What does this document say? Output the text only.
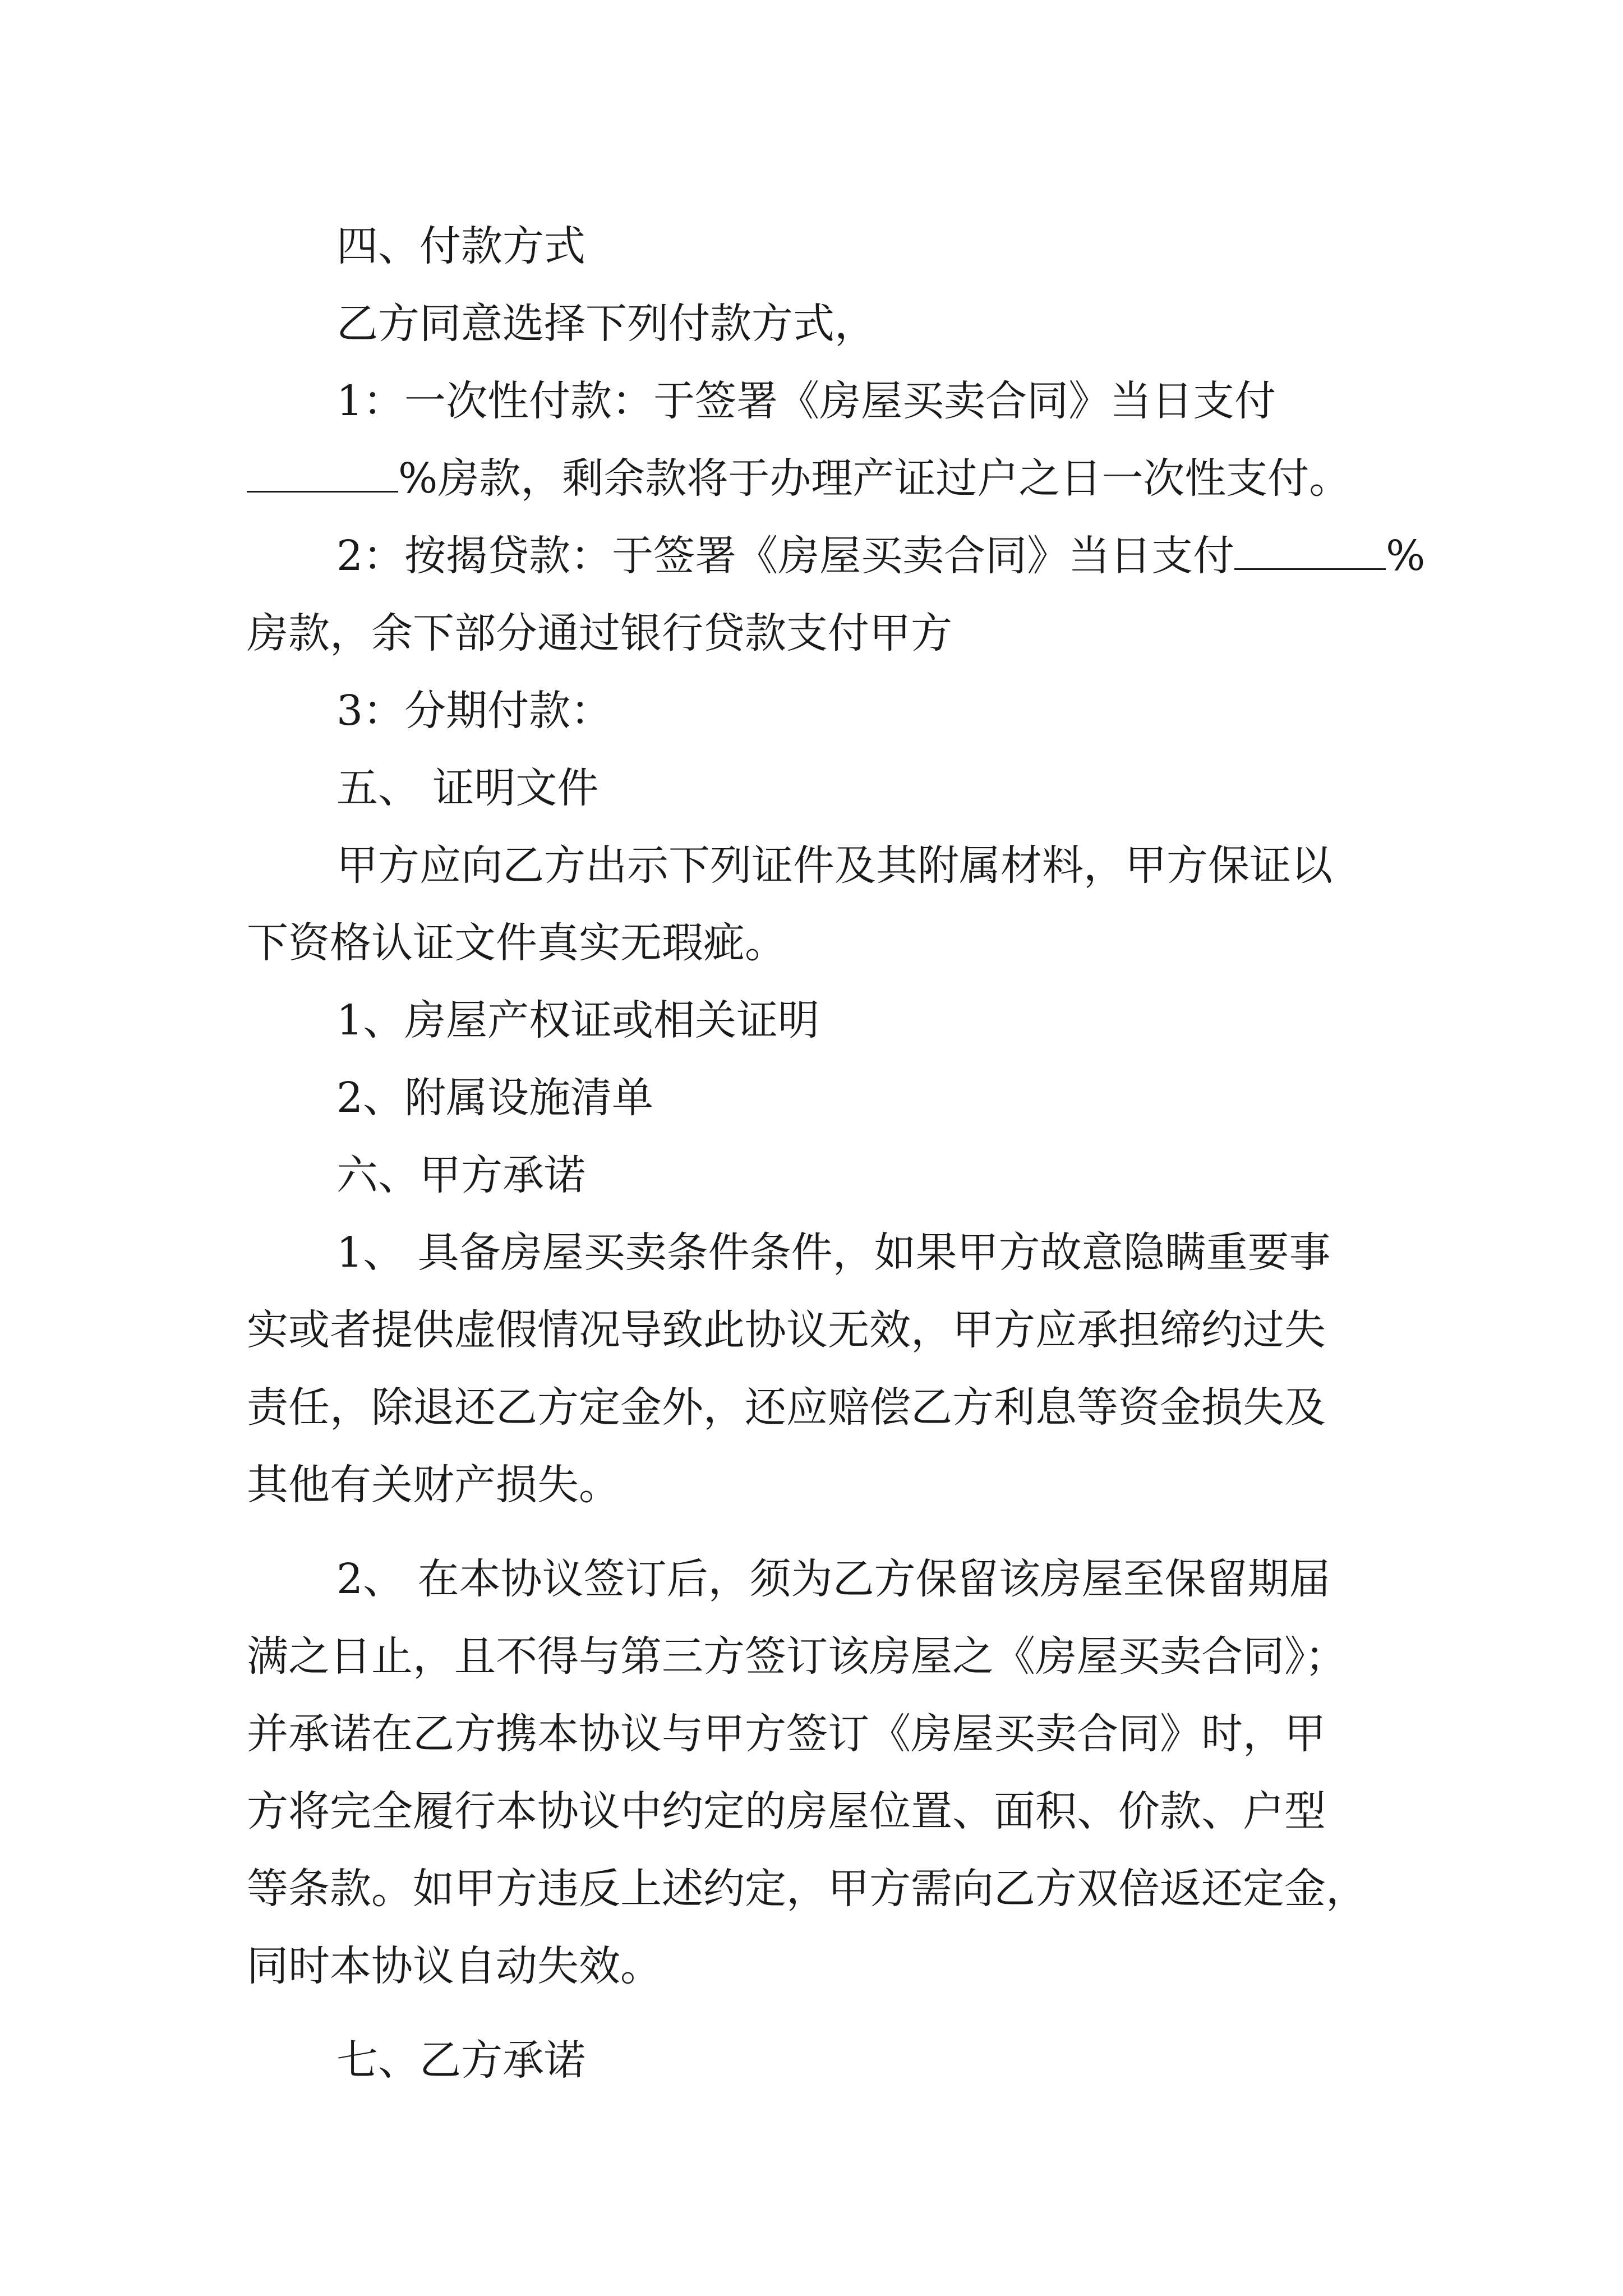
四、付款方式
乙方同意选择下列付款方式，
1：一次性付款：于签署《房屋买卖合同》当日支付
%房款，剩余款将于办理产证过户之日一次性支付。
2：按揭贷款：于签署《房屋买卖合同》当日支付	%
房款，余下部分通过银行贷款支付甲方
3：分期付款：
五、 证明文件
甲方应向乙方出示下列证件及其附属材料，甲方保证以
下资格认证文件真实无瑕疵。
1、房屋产权证或相关证明
2、附属设施清单
六、甲方承诺
1、 具备房屋买卖条件条件，如果甲方故意隐瞒重要事
实或者提供虚假情况导致此协议无效，甲方应承担缔约过失
责任，除退还乙方定金外，还应赔偿乙方利息等资金损失及
其他有关财产损失。
2、 在本协议签订后，须为乙方保留该房屋至保留期届
满之日止，且不得与第三方签订该房屋之《房屋买卖合同》；
并承诺在乙方携本协议与甲方签订《房屋买卖合同》时，甲
方将完全履行本协议中约定的房屋位置、面积、价款、户型
等条款。如甲方违反上述约定，甲方需向乙方双倍返还定金，
同时本协议自动失效。
七、乙方承诺
